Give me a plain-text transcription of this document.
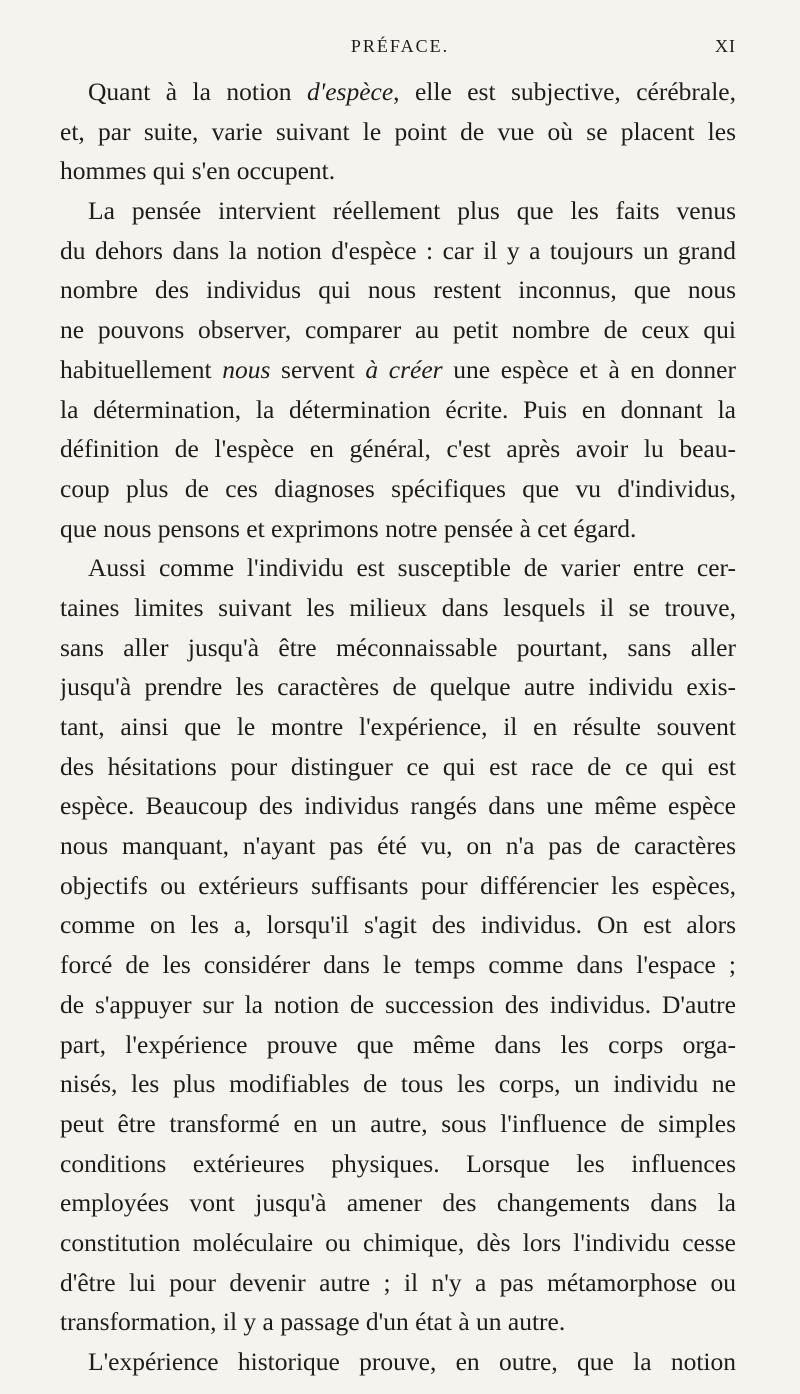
PRÉFACE.	XI
Quant à la notion d'espèce, elle est subjective, cérébrale,
et, par suite, varie suivant le point de vue où se placent les
hommes qui s'en occupent.
La pensée intervient réellement plus que les faits venus
du dehors dans la notion d'espèce : car il y a toujours un grand
nombre des individus qui nous restent inconnus, que nous
ne pouvons observer, comparer au petit nombre de ceux qui
habituellement nous servent à créer une espèce et à en donner
la détermination, la détermination écrite. Puis en donnant la
définition de l'espèce en général, c'est après avoir lu beau-
coup plus de ces diagnoses spécifiques que vu d'individus,
que nous pensons et exprimons notre pensée à cet égard.
Aussi comme l'individu est susceptible de varier entre cer-
taines limites suivant les milieux dans lesquels il se trouve,
sans aller jusqu'à être méconnaissable pourtant, sans aller
jusqu'à prendre les caractères de quelque autre individu exis-
tant, ainsi que le montre l'expérience, il en résulte souvent
des hésitations pour distinguer ce qui est race de ce qui est
espèce. Beaucoup des individus rangés dans une même espèce
nous manquant, n'ayant pas été vu, on n'a pas de caractères
objectifs ou extérieurs suffisants pour différencier les espèces,
comme on les a, lorsqu'il s'agit des individus. On est alors
forcé de les considérer dans le temps comme dans l'espace ;
de s'appuyer sur la notion de succession des individus. D'autre
part, l'expérience prouve que même dans les corps orga-
nisés, les plus modifiables de tous les corps, un individu ne
peut être transformé en un autre, sous l'influence de simples
conditions extérieures physiques. Lorsque les influences
employées vont jusqu'à amener des changements dans la
constitution moléculaire ou chimique, dès lors l'individu cesse
d'être lui pour devenir autre ; il n'y a pas métamorphose ou
transformation, il y a passage d'un état à un autre.
L'expérience historique prouve, en outre, que la notion
